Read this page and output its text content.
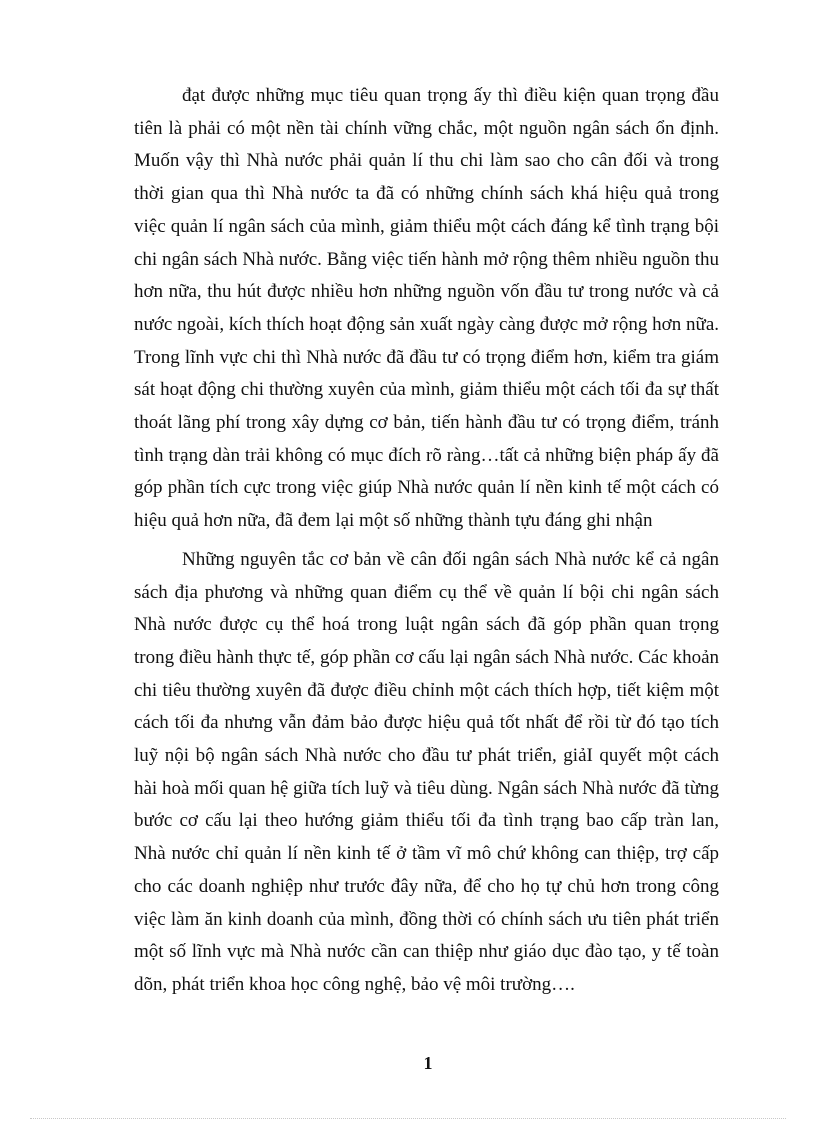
đạt được những mục tiêu quan trọng ấy thì điều kiện quan trọng đầu tiên là phải có một nền tài chính vững chắc, một nguồn ngân sách ổn định. Muốn vậy thì Nhà nước phải quản lí thu chi làm sao cho cân đối và trong thời gian qua thì Nhà nước ta đã có những chính sách khá hiệu quả trong việc quản lí ngân sách của mình, giảm thiểu một cách đáng kể tình trạng bội chi ngân sách Nhà nước. Bằng việc tiến hành mở rộng thêm nhiều nguồn thu hơn nữa, thu hút được nhiều hơn những nguồn vốn đầu tư trong nước và cả nước ngoài, kích thích hoạt động sản xuất ngày càng được mở rộng hơn nữa. Trong lĩnh vực chi thì Nhà nước đã đầu tư có trọng điểm hơn, kiểm tra giám sát hoạt động chi thường xuyên của mình, giảm thiểu một cách tối đa sự thất thoát lãng phí trong xây dựng cơ bản, tiến hành đầu tư có trọng điểm, tránh tình trạng dàn trải không có mục đích rõ ràng…tất cả những biện pháp ấy đã góp phần tích cực trong việc giúp Nhà nước quản lí nền kinh tế một cách có hiệu quả hơn nữa, đã đem lại một số những thành tựu đáng ghi nhận

Những nguyên tắc cơ bản về cân đối ngân sách Nhà nước kể cả ngân sách địa phương và những quan điểm cụ thể về quản lí bội chi ngân sách Nhà nước được cụ thể hoá trong luật ngân sách đã góp phần quan trọng trong điều hành thực tế, góp phần cơ cấu lại ngân sách Nhà nước. Các khoản chi tiêu thường xuyên đã được điều chỉnh một cách thích hợp, tiết kiệm một cách tối đa nhưng vẫn đảm bảo được hiệu quả tốt nhất để rồi từ đó tạo tích luỹ nội bộ ngân sách Nhà nước cho đầu tư phát triển, giảI quyết một cách hài hoà mối quan hệ giữa tích luỹ và tiêu dùng. Ngân sách Nhà nước đã từng bước cơ cấu lại theo hướng giảm thiểu tối đa tình trạng bao cấp tràn lan, Nhà nước chỉ quản lí nền kinh tế ở tầm vĩ mô chứ không can thiệp, trợ cấp cho các doanh nghiệp như trước đây nữa, để cho họ tự chủ hơn trong công việc làm ăn kinh doanh của mình, đồng thời có chính sách ưu tiên phát triển một số lĩnh vực mà Nhà nước cần can thiệp như giáo dục đào tạo, y tế toàn dõn, phát triển khoa học công nghệ, bảo vệ môi trường….

1
